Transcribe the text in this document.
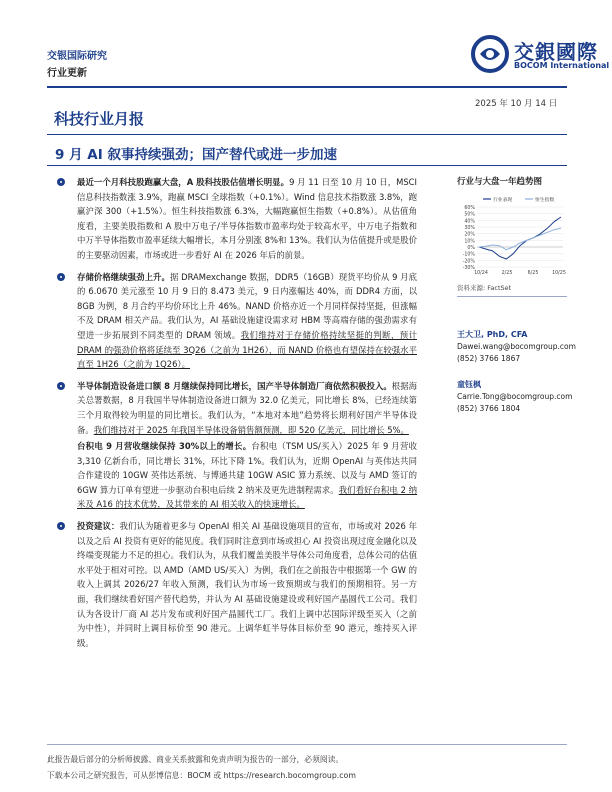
交银国际研究
行业更新
交銀國際
BOCOM International
2025 年 10 月 14 日
科技行业月报
9 月 AI 叙事持续强劲；国产替代或进一步加速
最近一个月科技股跑赢大盘，A 股科技股估值增长明显。9 月 11 日至 10 月 10 日，MSCI 信息科技指数涨 3.9%，跑赢 MSCI 全球指数（+0.1%）。Wind 信息技术指数涨 3.8%，跑赢沪深 300（+1.5%）。恒生科技指数涨 6.3%，大幅跑赢恒生指数（+0.8%）。从估值角度看，主要美股指数和 A 股中万电子/半导体指数市盈率均处于较高水平，中万电子指数和中万半导体指数市盈率延续大幅增长，本月分别涨 8%和 13%。我们认为估值提升或是股价的主要驱动因素，市场或进一步看好 AI 在 2026 年后的前景。
存储价格继续强劲上升。据 DRAMexchange 数据，DDR5（16GB）现货平均价从 9 月底的 6.0670 美元涨至 10 月 9 日的 8.473 美元，9 日内涨幅达 40%，而 DDR4 方面，以 8GB 为例，8 月合约平均价环比上升 46%。NAND 价格亦近一个月同样保持坚挺，但涨幅不及 DRAM 相关产品。我们认为，AI 基础设施建设需求对 HBM 等高端存储的强劲需求有望进一步拓展到不同类型的 DRAM 领域。我们维持对于存储价格持续坚挺的判断，预计 DRAM 的强劲价格将延续至 3Q26（之前为 1H26），而 NAND 价格也有望保持在较强水平直至 1H26（之前为 1Q26）。
半导体制造设备进口额 8 月继续保持同比增长，国产半导体制造厂商依然积极投入。根据海关总署数据，8 月我国半导体制造设备进口额为 32.0 亿美元，同比增长 8%，已经连续第三个月取得较为明显的同比增长。我们认为，“本地对本地”趋势将长期利好国产半导体设备。我们维持对于 2025 年我国半导体设备销售额预测，即 520 亿美元，同比增长 5%。
台积电 9 月营收继续保持 30%以上的增长。台积电（TSM US/买入）2025 年 9 月营收 3,310 亿新台币，同比增长 31%，环比下降 1%。我们认为，近期 OpenAI 与英伟达共同合作建设的 10GW 英伟达系统、与博通共建 10GW ASIC 算力系统、以及与 AMD 签订的 6GW 算力订单有望进一步驱动台积电后续 2 纳米及更先进制程需求。我们看好台积电 2 纳米及 A16 的技术优势，及其带来的 AI 相关收入的快速增长。
投资建议：我们认为随着更多与 OpenAI 相关 AI 基础设施项目的宣布，市场或对 2026 年以及之后 AI 投资有更好的能见度。我们同时注意到市场或担心 AI 投资出现过度金融化以及终端变现能力不足的担心。我们认为，从我们覆盖美股半导体公司角度看，总体公司的估值水平处于相对可控。以 AMD（AMD US/买入）为例，我们在之前报告中根据第一个 GW 的收入上调其 2026/27 年收入预测，我们认为市场一致预期或与我们的预期相符。另一方面，我们继续看好国产替代趋势，并认为 AI 基础设施建设或利好国产晶圆代工公司。我们认为各设计厂商 AI 芯片发布或利好国产晶圆代工厂。我们上调中芯国际评级至买入（之前为中性），并同时上调目标价至 90 港元。上调华虹半导体目标价至 90 港元，维持买入评级。
行业与大盘一年趋势图
60%
50%
40%
30%
20%
10%
0%
-10%
-20%
-30%
10/24	2/25	6/25	10/25
行业表现	恒生指数
资料来源: FactSet
王大卫, PhD, CFA
Dawei.wang@bocomgroup.com
(852) 3766 1867
童钰枫
Carrie.Tong@bocomgroup.com
(852) 3766 1804
此报告最后部分的分析师披露、商业关系披露和免责声明为报告的一部分，必须阅读。
下载本公司之研究报告，可从彭博信息：BOCM 或 https://research.bocomgroup.com
